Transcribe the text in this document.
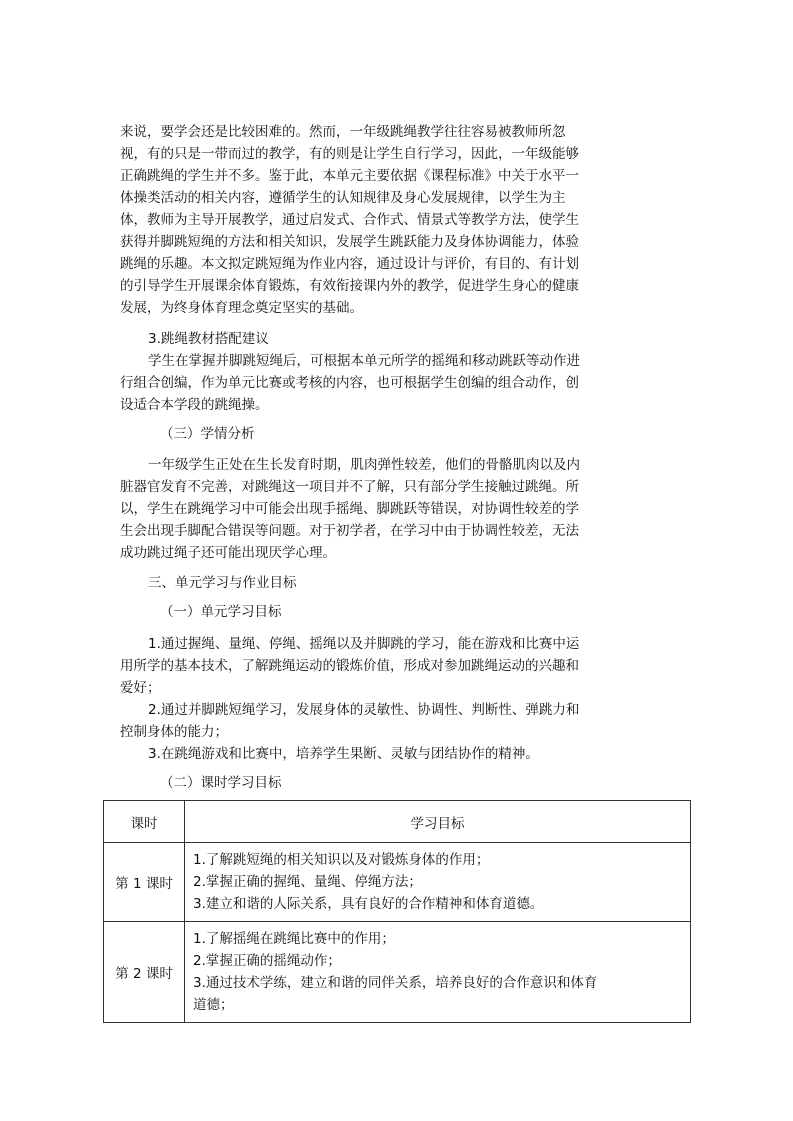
来说，要学会还是比较困难的。然而，一年级跳绳教学往往容易被教师所忽
视，有的只是一带而过的教学，有的则是让学生自行学习，因此，一年级能够
正确跳绳的学生并不多。鉴于此，本单元主要依据《课程标准》中关于水平一
体操类活动的相关内容，遵循学生的认知规律及身心发展规律，以学生为主
体，教师为主导开展教学，通过启发式、合作式、情景式等教学方法，使学生
获得并脚跳短绳的方法和相关知识，发展学生跳跃能力及身体协调能力，体验
跳绳的乐趣。本文拟定跳短绳为作业内容，通过设计与评价，有目的、有计划
的引导学生开展课余体育锻炼，有效衔接课内外的教学，促进学生身心的健康
发展，为终身体育理念奠定坚实的基础。
3.跳绳教材搭配建议
学生在掌握并脚跳短绳后，可根据本单元所学的摇绳和移动跳跃等动作进
行组合创编，作为单元比赛或考核的内容，也可根据学生创编的组合动作，创
设适合本学段的跳绳操。
（三）学情分析
一年级学生正处在生长发育时期，肌肉弹性较差，他们的骨骼肌肉以及内
脏器官发育不完善，对跳绳这一项目并不了解，只有部分学生接触过跳绳。所
以，学生在跳绳学习中可能会出现手摇绳、脚跳跃等错误，对协调性较差的学
生会出现手脚配合错误等问题。对于初学者，在学习中由于协调性较差，无法
成功跳过绳子还可能出现厌学心理。
三、单元学习与作业目标
（一）单元学习目标
1.通过握绳、量绳、停绳、摇绳以及并脚跳的学习，能在游戏和比赛中运
用所学的基本技术，了解跳绳运动的锻炼价值，形成对参加跳绳运动的兴趣和
爱好；
2.通过并脚跳短绳学习，发展身体的灵敏性、协调性、判断性、弹跳力和
控制身体的能力；
3.在跳绳游戏和比赛中，培养学生果断、灵敏与团结协作的精神。
（二）课时学习目标
课时	学习目标
第 1 课时	1.了解跳短绳的相关知识以及对锻炼身体的作用；
2.掌握正确的握绳、量绳、停绳方法；
3.建立和谐的人际关系，具有良好的合作精神和体育道德。

第 2 课时	1.了解摇绳在跳绳比赛中的作用；
2.掌握正确的摇绳动作；
3.通过技术学练，建立和谐的同伴关系，培养良好的合作意识和体育
道德；
